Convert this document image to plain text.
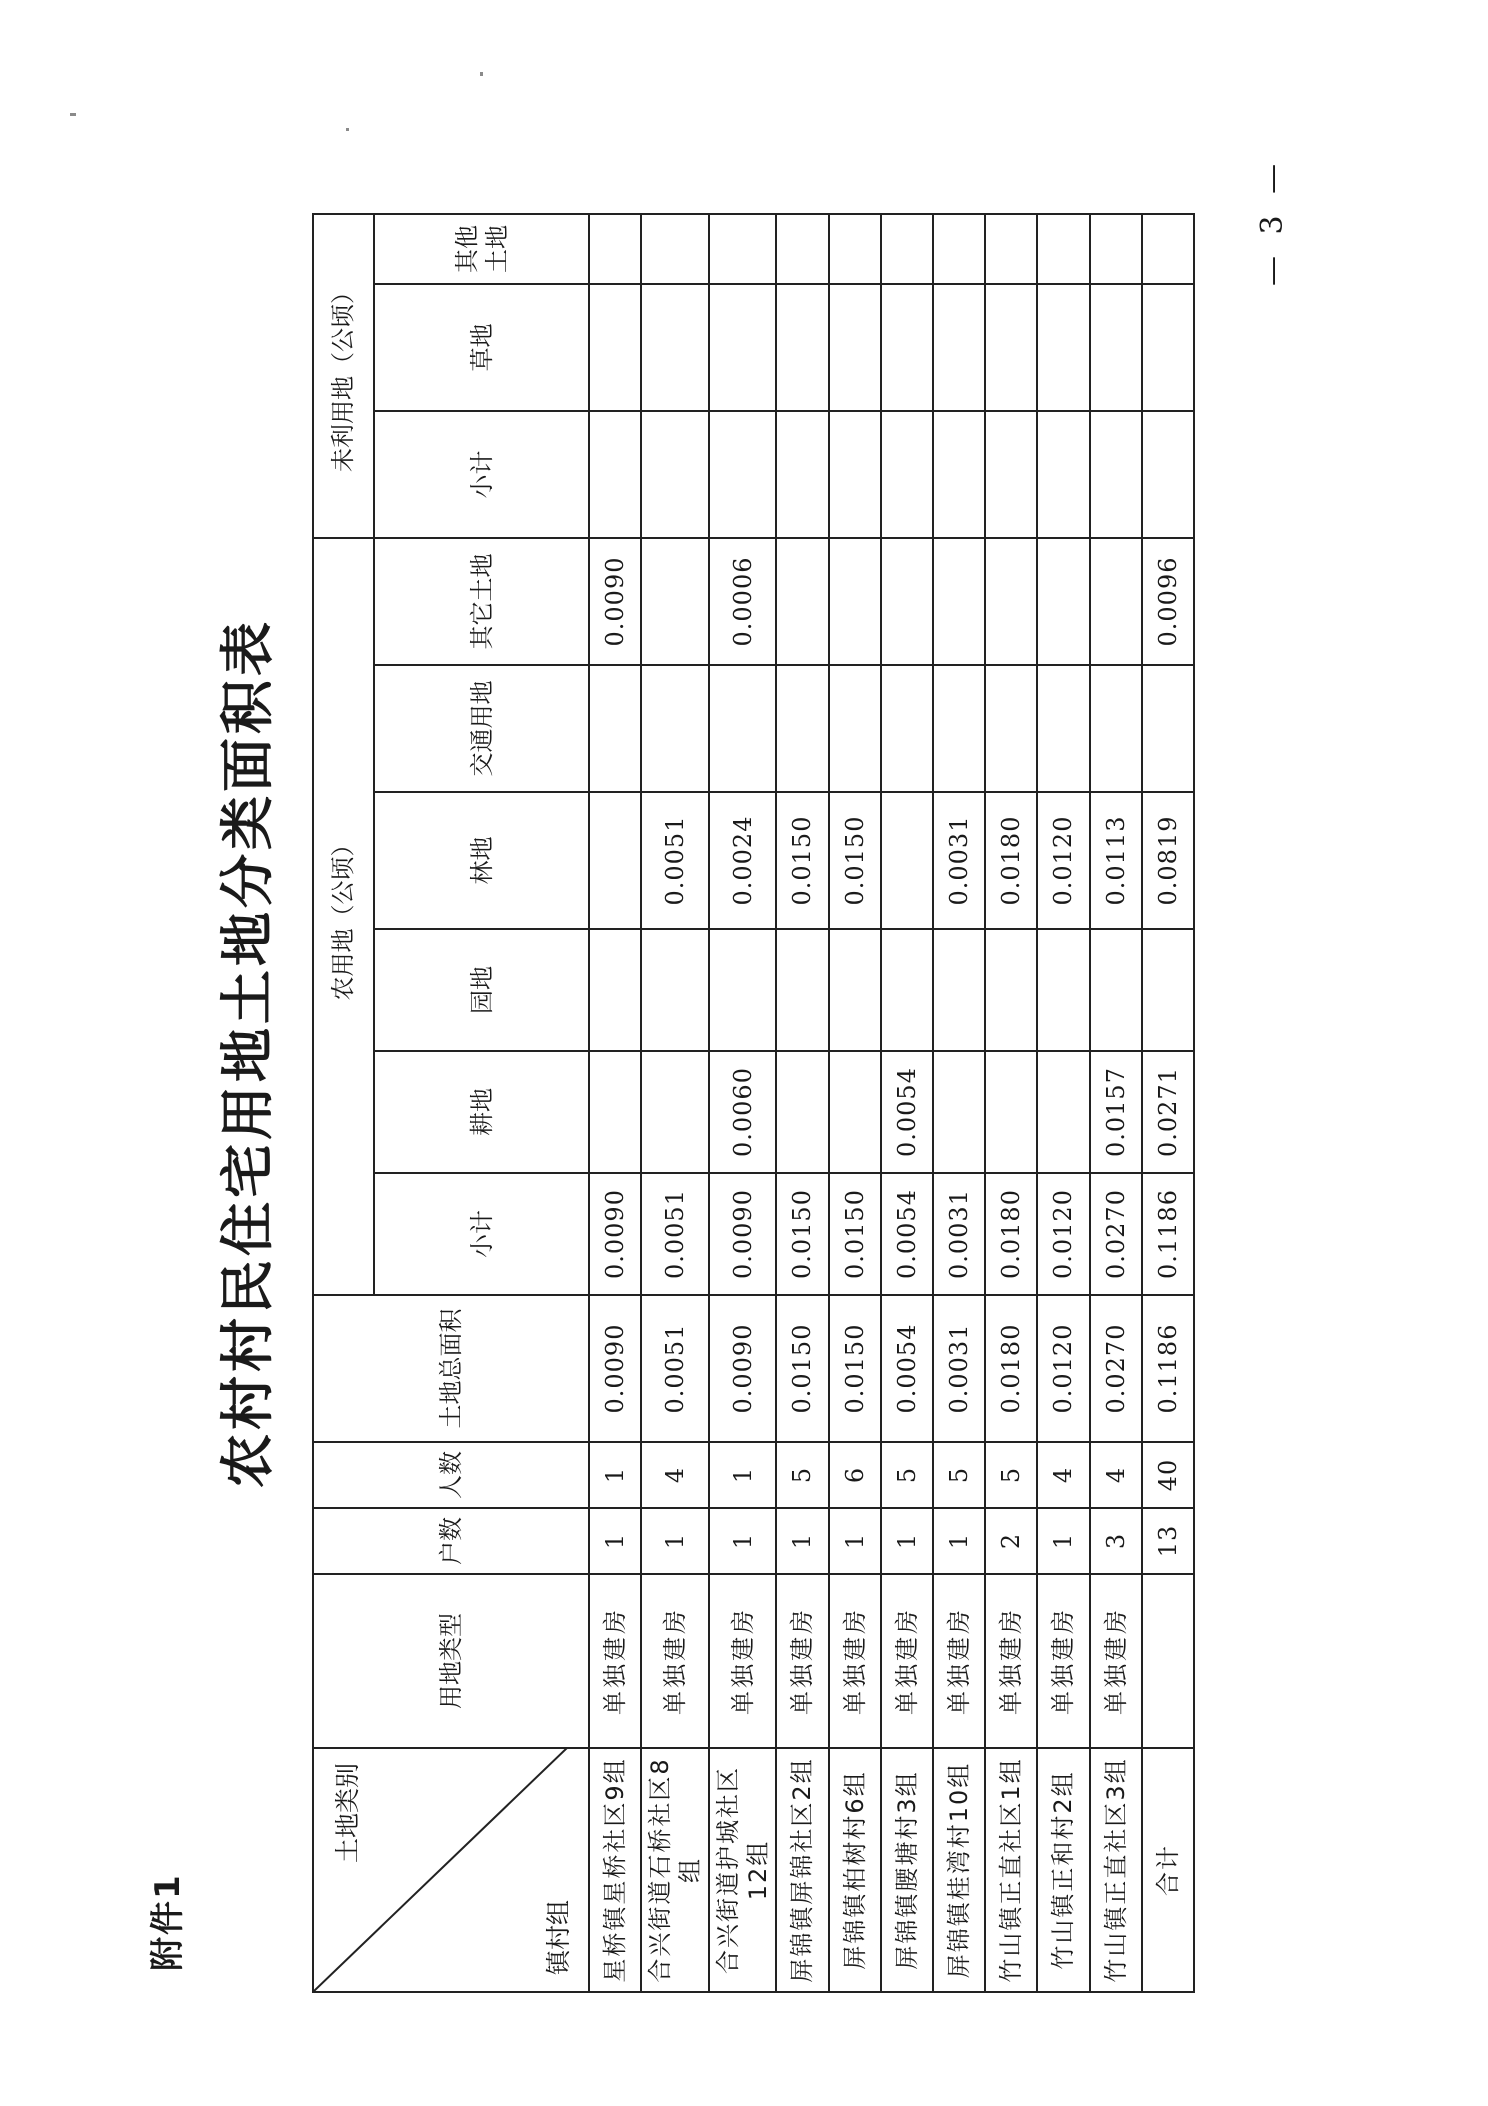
附件1
农村村民住宅用地土地分类面积表
土地类别
镇村组	用地类型	户数	人数	土地总面积	农用地（公顷）						未利用地（公顷）		
					小计	耕地	园地	林地	交通用地	其它土地	小计	草地	其他土地
星桥镇星桥社区9组	单独建房	1	1	0.0090	0.0090					0.0090			
合兴街道石桥社区8组	单独建房	1	4	0.0051	0.0051			0.0051					
合兴街道护城社区12组	单独建房	1	1	0.0090	0.0090	0.0060		0.0024		0.0006			
屏锦镇屏锦社区2组	单独建房	1	5	0.0150	0.0150			0.0150					
屏锦镇柏树村6组	单独建房	1	6	0.0150	0.0150			0.0150					
屏锦镇腰塘村3组	单独建房	1	5	0.0054	0.0054	0.0054							
屏锦镇桂湾村10组	单独建房	1	5	0.0031	0.0031			0.0031					
竹山镇正直社区1组	单独建房	2	5	0.0180	0.0180			0.0180					
竹山镇正和村2组	单独建房	1	4	0.0120	0.0120			0.0120					
竹山镇正直社区3组	单独建房	3	4	0.0270	0.0270	0.0157		0.0113					
合计		13	40	0.1186	0.1186	0.0271		0.0819		0.0096			
— 3 —
